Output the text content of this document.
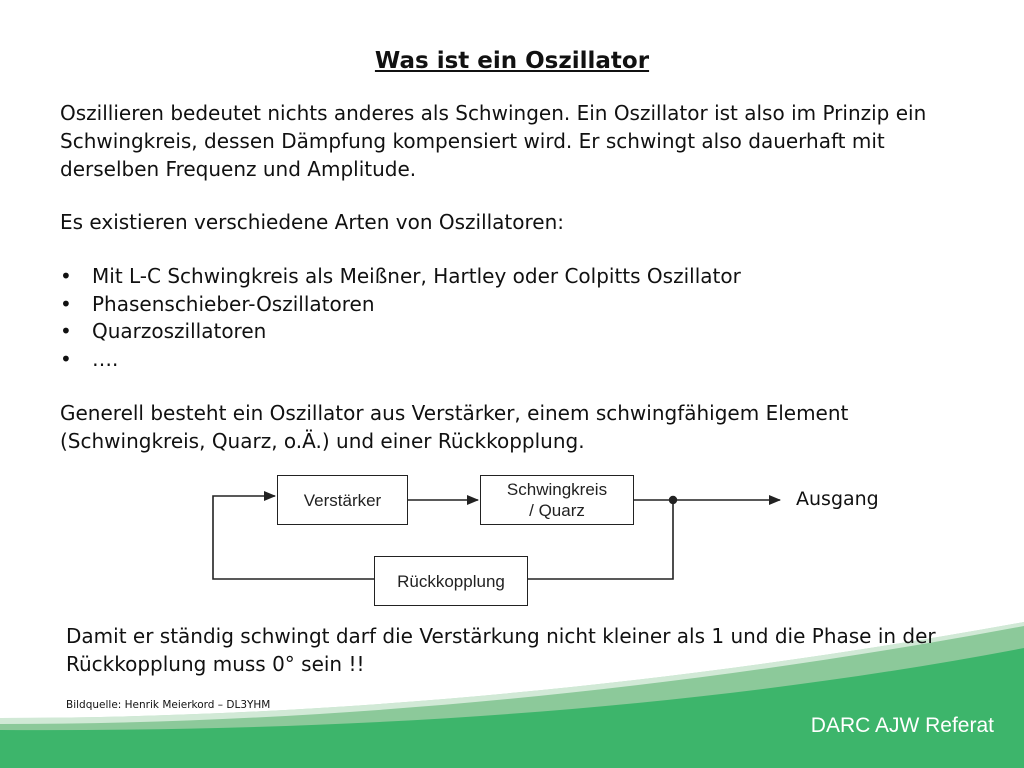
DARC AJW Referat
Was ist ein Oszillator

Oszillieren bedeutet nichts anderes als Schwingen. Ein Oszillator ist also im Prinzip ein Schwingkreis, dessen Dämpfung kompensiert wird. Er schwingt also dauerhaft mit derselben Frequenz und Amplitude.

Es existieren verschiedene Arten von Oszillatoren:

• Mit L-C Schwingkreis als Meißner, Hartley oder Colpitts Oszillator
• Phasenschieber-Oszillatoren
• Quarzoszillatoren
• ….

Generell besteht ein Oszillator aus Verstärker, einem schwingfähigem Element (Schwingkreis, Quarz, o.Ä.) und einer Rückkopplung.

Verstärker
Schwingkreis
/ Quarz
Rückkopplung
Ausgang

Damit er ständig schwingt darf die Verstärkung nicht kleiner als 1 und die Phase in der Rückkopplung muss 0° sein !!

Bildquelle: Henrik Meierkord – DL3YHM
